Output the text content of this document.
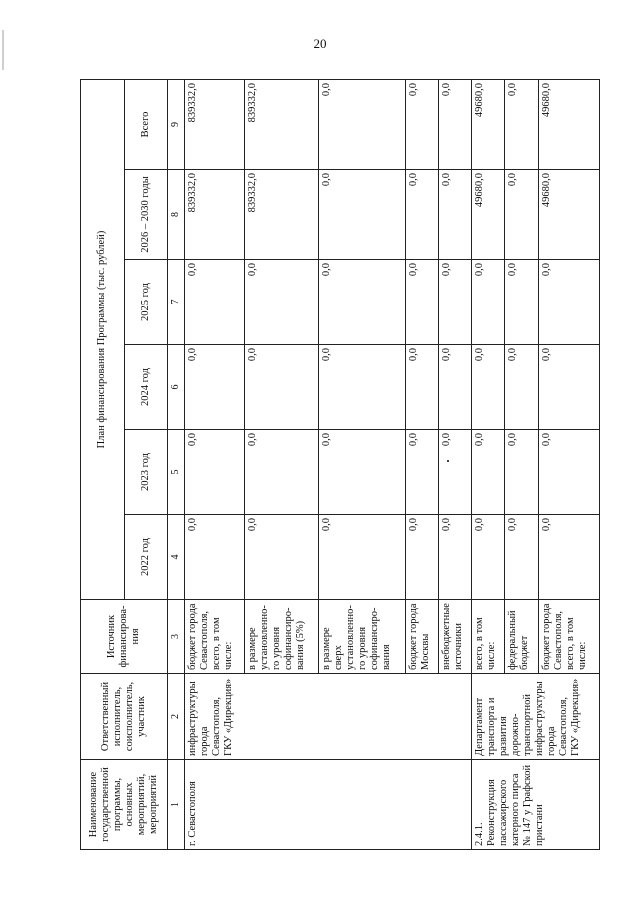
20
Наименование государственной программы, основных мероприятий, мероприятий	Ответственный исполнитель, соисполнитель, участник	Источник финансирова-ния	План финансирования Программы (тыс. рублей)					
			2022 год	2023 год	2024 год	2025 год	2026 – 2030 годы	Всего
1	2	3	4	5	6	7	8	9
г. Севастополя	инфраструктуры города Севастополя, ГКУ «Дирекция»	бюджет города Севастополя, всего, в том числе:	0,0	0,0	0,0	0,0	839332,0	839332,0
		в размере установленно-го уровня софинансиро-вания (5%)	0,0	0,0	0,0	0,0	839332,0	839332,0
		в размере сверх установленно-го уровня софинансиро-вания	0,0	0,0	0,0	0,0	0,0	0,0
		бюджет города Москвы	0,0	0,0	0,0	0,0	0,0	0,0
		внебюджетные источники	0,0	0,0	0,0	0,0	0,0	0,0
2.4.1. Реконструкция пассажирского катерного пирса № 147 у Графской пристани	Департамент транспорта и развития дорожно-транспортной инфраструктуры города Севастополя, ГКУ «Дирекция»	всего, в том числе:	0,0	0,0	0,0	0,0	49680,0	49680,0
		федеральный бюджет	0,0	0,0	0,0	0,0	0,0	0,0
		бюджет города Севастополя, всего, в том числе:	0,0	0,0	0,0	0,0	49680,0	49680,0
